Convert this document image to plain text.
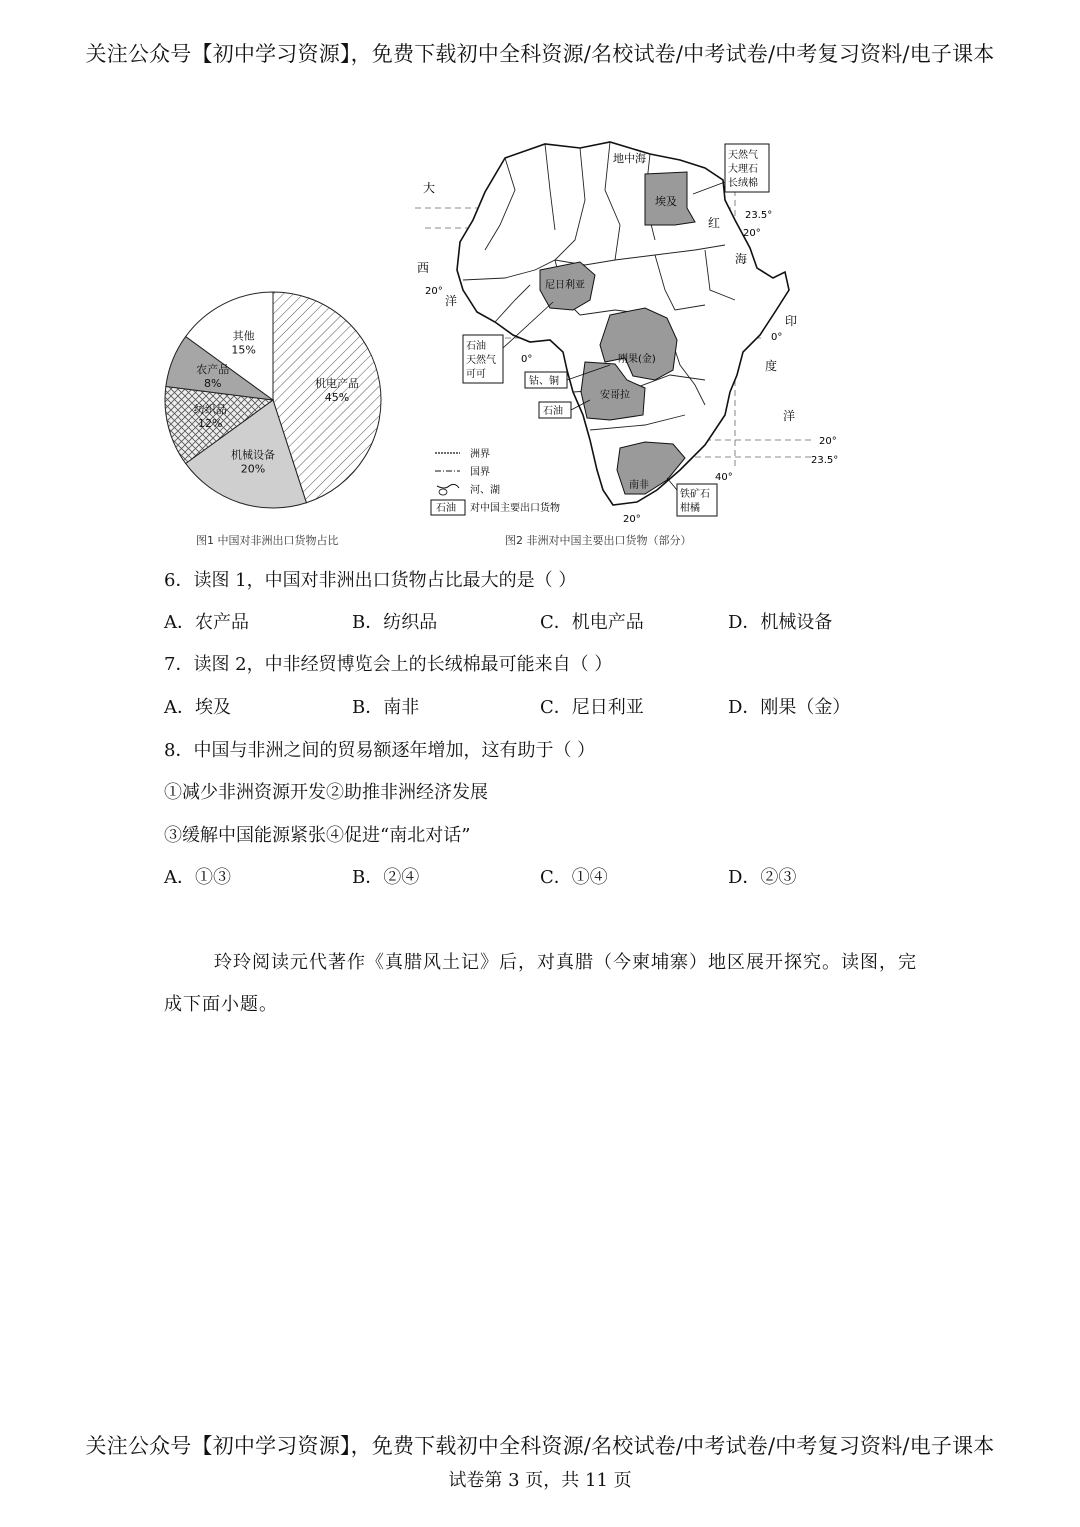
关注公众号【初中学习资源】，免费下载初中全科资源/名校试卷/中考试卷/中考复习资料/电子课本
机电产品
45%
机械设备
20%
纺织品
12%
农产品
8%
其他
15%
图1 中国对非洲出口货物占比
地中海
大
西
洋
红
海
印
度
洋
埃及
尼日利亚
刚果(金)
安哥拉
南非
23.5°
20°
20°
0°
0°
20°
23.5°
40°
20°
天然气
大理石
长绒棉
石油
天然气
可可
钴、铜
石油
铁矿石
柑橘
洲界
国界
河、湖
石油 对中国主要出口货物
图2 非洲对中国主要出口货物（部分）
6．读图 1，中国对非洲出口货物占比最大的是（ ）
A．农产品	B．纺织品	C．机电产品	D．机械设备
7．读图 2，中非经贸博览会上的长绒棉最可能来自（ ）
A．埃及	B．南非	C．尼日利亚	D．刚果（金）
8．中国与非洲之间的贸易额逐年增加，这有助于（ ）
①减少非洲资源开发②助推非洲经济发展
③缓解中国能源紧张④促进“南北对话”
A．①③	B．②④	C．①④	D．②③
玲玲阅读元代著作《真腊风土记》后，对真腊（今柬埔寨）地区展开探究。读图，完
成下面小题。
关注公众号【初中学习资源】，免费下载初中全科资源/名校试卷/中考试卷/中考复习资料/电子课本
试卷第 3 页，共 11 页
